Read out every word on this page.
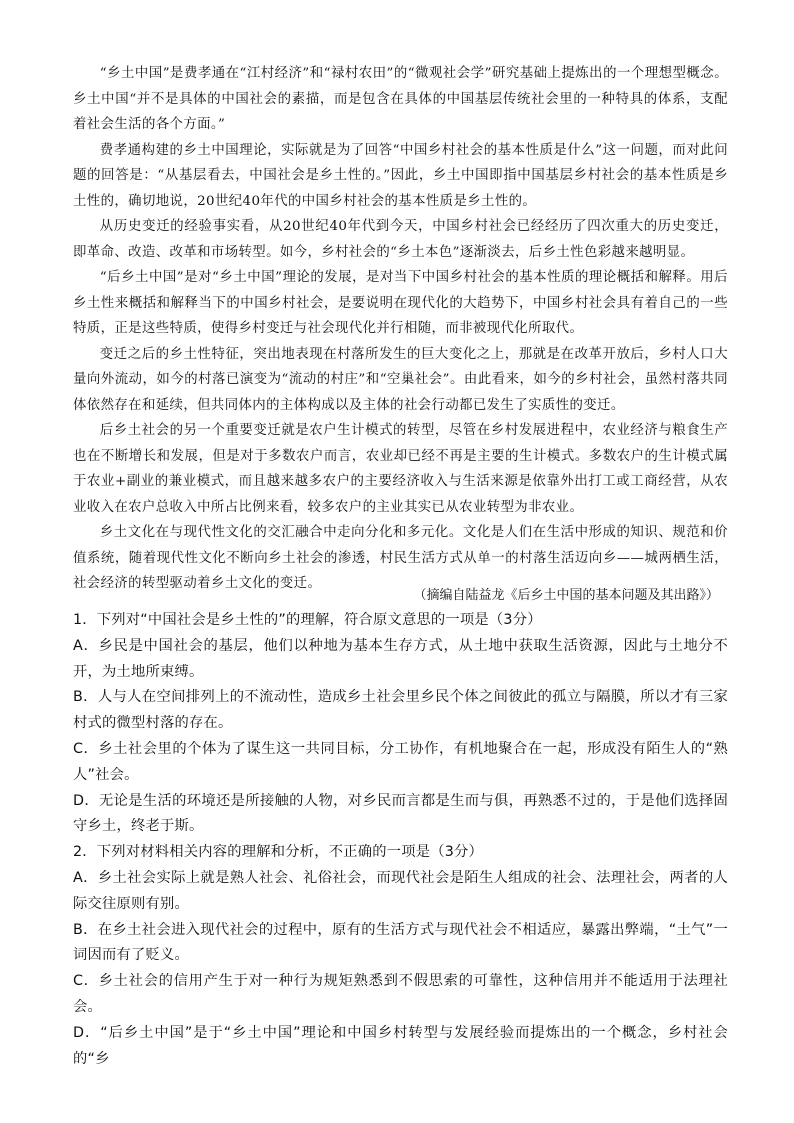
“乡土中国”是费孝通在“江村经济”和“禄村农田”的“微观社会学”研究基础上提炼出的一个理想型概念。乡土中国“并不是具体的中国社会的素描，而是包含在具体的中国基层传统社会里的一种特具的体系，支配着社会生活的各个方面。”

费孝通构建的乡土中国理论，实际就是为了回答“中国乡村社会的基本性质是什么”这一问题，而对此问题的回答是：“从基层看去，中国社会是乡土性的。”因此，乡土中国即指中国基层乡村社会的基本性质是乡土性的，确切地说，20世纪40年代的中国乡村社会的基本性质是乡土性的。

从历史变迁的经验事实看，从20世纪40年代到今天，中国乡村社会已经经历了四次重大的历史变迁，即革命、改造、改革和市场转型。如今，乡村社会的“乡土本色”逐渐淡去，后乡土性色彩越来越明显。

“后乡土中国”是对“乡土中国”理论的发展，是对当下中国乡村社会的基本性质的理论概括和解释。用后乡土性来概括和解释当下的中国乡村社会，是要说明在现代化的大趋势下，中国乡村社会具有着自己的一些特质，正是这些特质，使得乡村变迁与社会现代化并行相随，而非被现代化所取代。

变迁之后的乡土性特征，突出地表现在村落所发生的巨大变化之上，那就是在改革开放后，乡村人口大量向外流动，如今的村落已演变为“流动的村庄”和“空巢社会”。由此看来，如今的乡村社会，虽然村落共同体依然存在和延续，但共同体内的主体构成以及主体的社会行动都已发生了实质性的变迁。

后乡土社会的另一个重要变迁就是农户生计模式的转型，尽管在乡村发展进程中，农业经济与粮食生产也在不断增长和发展，但是对于多数农户而言，农业却已经不再是主要的生计模式。多数农户的生计模式属于农业+副业的兼业模式，而且越来越多农户的主要经济收入与生活来源是依靠外出打工或工商经营，从农业收入在农户总收入中所占比例来看，较多农户的主业其实已从农业转型为非农业。

乡土文化在与现代性文化的交汇融合中走向分化和多元化。文化是人们在生活中形成的知识、规范和价值系统，随着现代性文化不断向乡土社会的渗透，村民生活方式从单一的村落生活迈向乡——城两栖生活，社会经济的转型驱动着乡土文化的变迁。

（摘编自陆益龙《后乡土中国的基本问题及其出路》）

1．下列对“中国社会是乡土性的”的理解，符合原文意思的一项是（3分）

A．乡民是中国社会的基层，他们以种地为基本生存方式，从土地中获取生活资源，因此与土地分不开，为土地所束缚。

B．人与人在空间排列上的不流动性，造成乡土社会里乡民个体之间彼此的孤立与隔膜，所以才有三家村式的微型村落的存在。

C．乡土社会里的个体为了谋生这一共同目标，分工协作，有机地聚合在一起，形成没有陌生人的“熟人”社会。

D．无论是生活的环境还是所接触的人物，对乡民而言都是生而与俱，再熟悉不过的，于是他们选择固守乡土，终老于斯。

2．下列对材料相关内容的理解和分析，不正确的一项是（3分）

A．乡土社会实际上就是熟人社会、礼俗社会，而现代社会是陌生人组成的社会、法理社会，两者的人际交往原则有别。

B．在乡土社会进入现代社会的过程中，原有的生活方式与现代社会不相适应，暴露出弊端，“土气”一词因而有了贬义。

C．乡土社会的信用产生于对一种行为规矩熟悉到不假思索的可靠性，这种信用并不能适用于法理社会。

D．“后乡土中国”是于“乡土中国”理论和中国乡村转型与发展经验而提炼出的一个概念，乡村社会的“乡
